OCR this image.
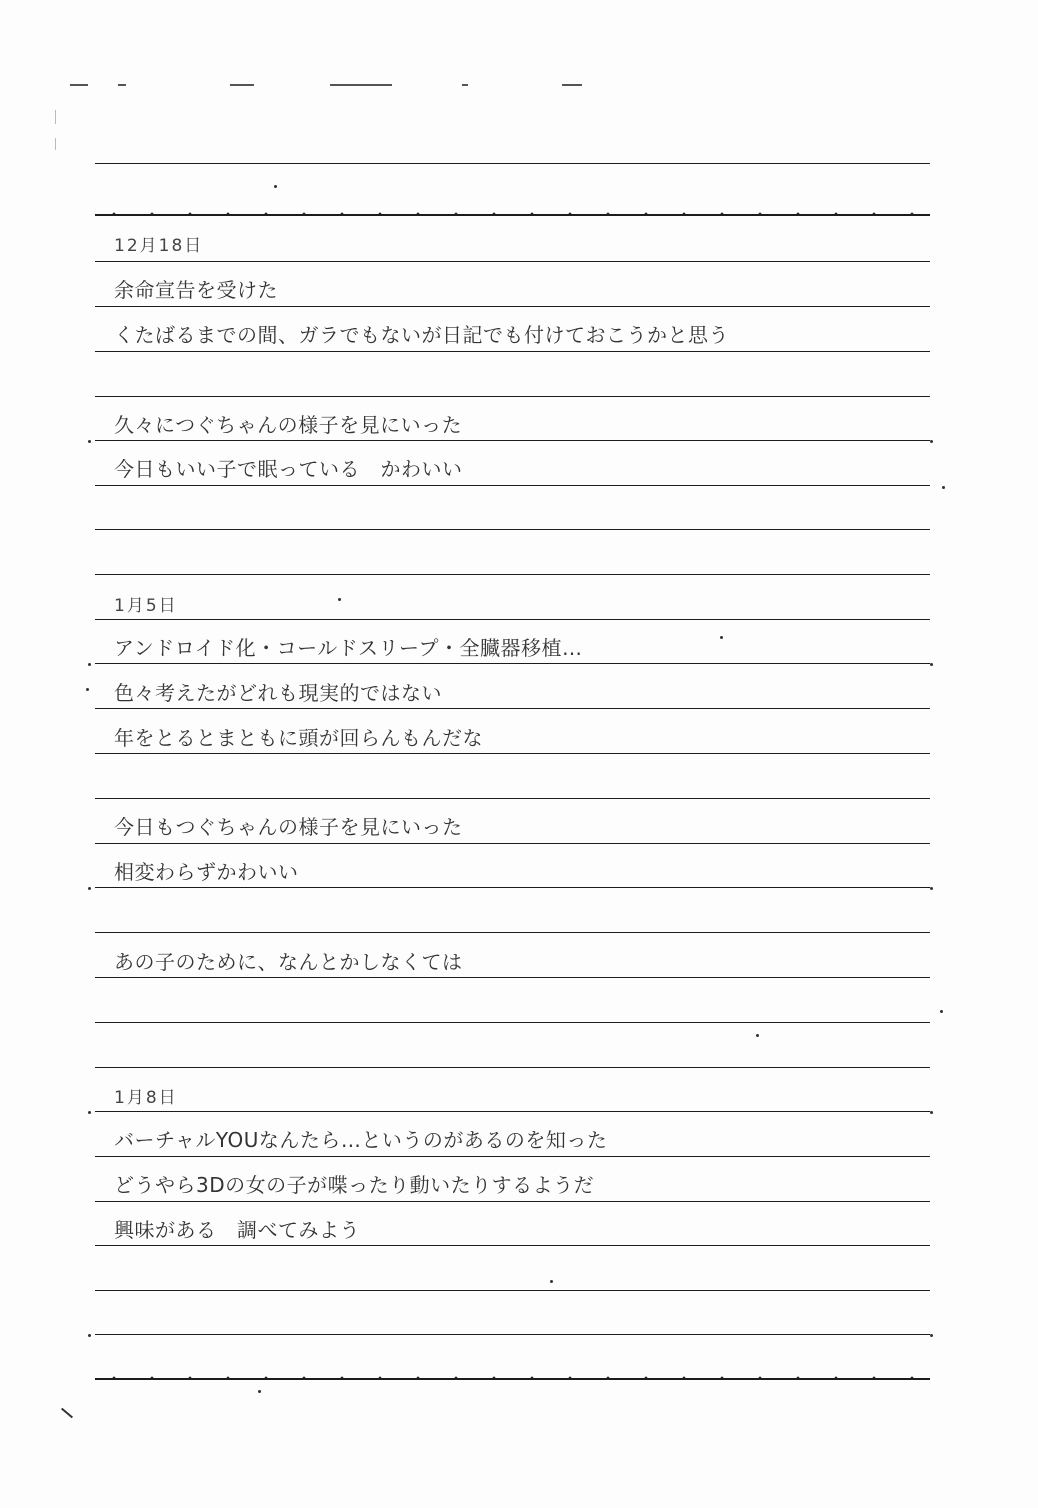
12月18日
余命宣告を受けた
くたばるまでの間、ガラでもないが日記でも付けておこうかと思う
久々につぐちゃんの様子を見にいった
今日もいい子で眠っている　かわいい
1月5日
アンドロイド化・コールドスリープ・全臓器移植…
色々考えたがどれも現実的ではない
年をとるとまともに頭が回らんもんだな
今日もつぐちゃんの様子を見にいった
相変わらずかわいい
あの子のために、なんとかしなくては
1月8日
バーチャルYOUなんたら…というのがあるのを知った
どうやら3Dの女の子が喋ったり動いたりするようだ
興味がある　調べてみよう
